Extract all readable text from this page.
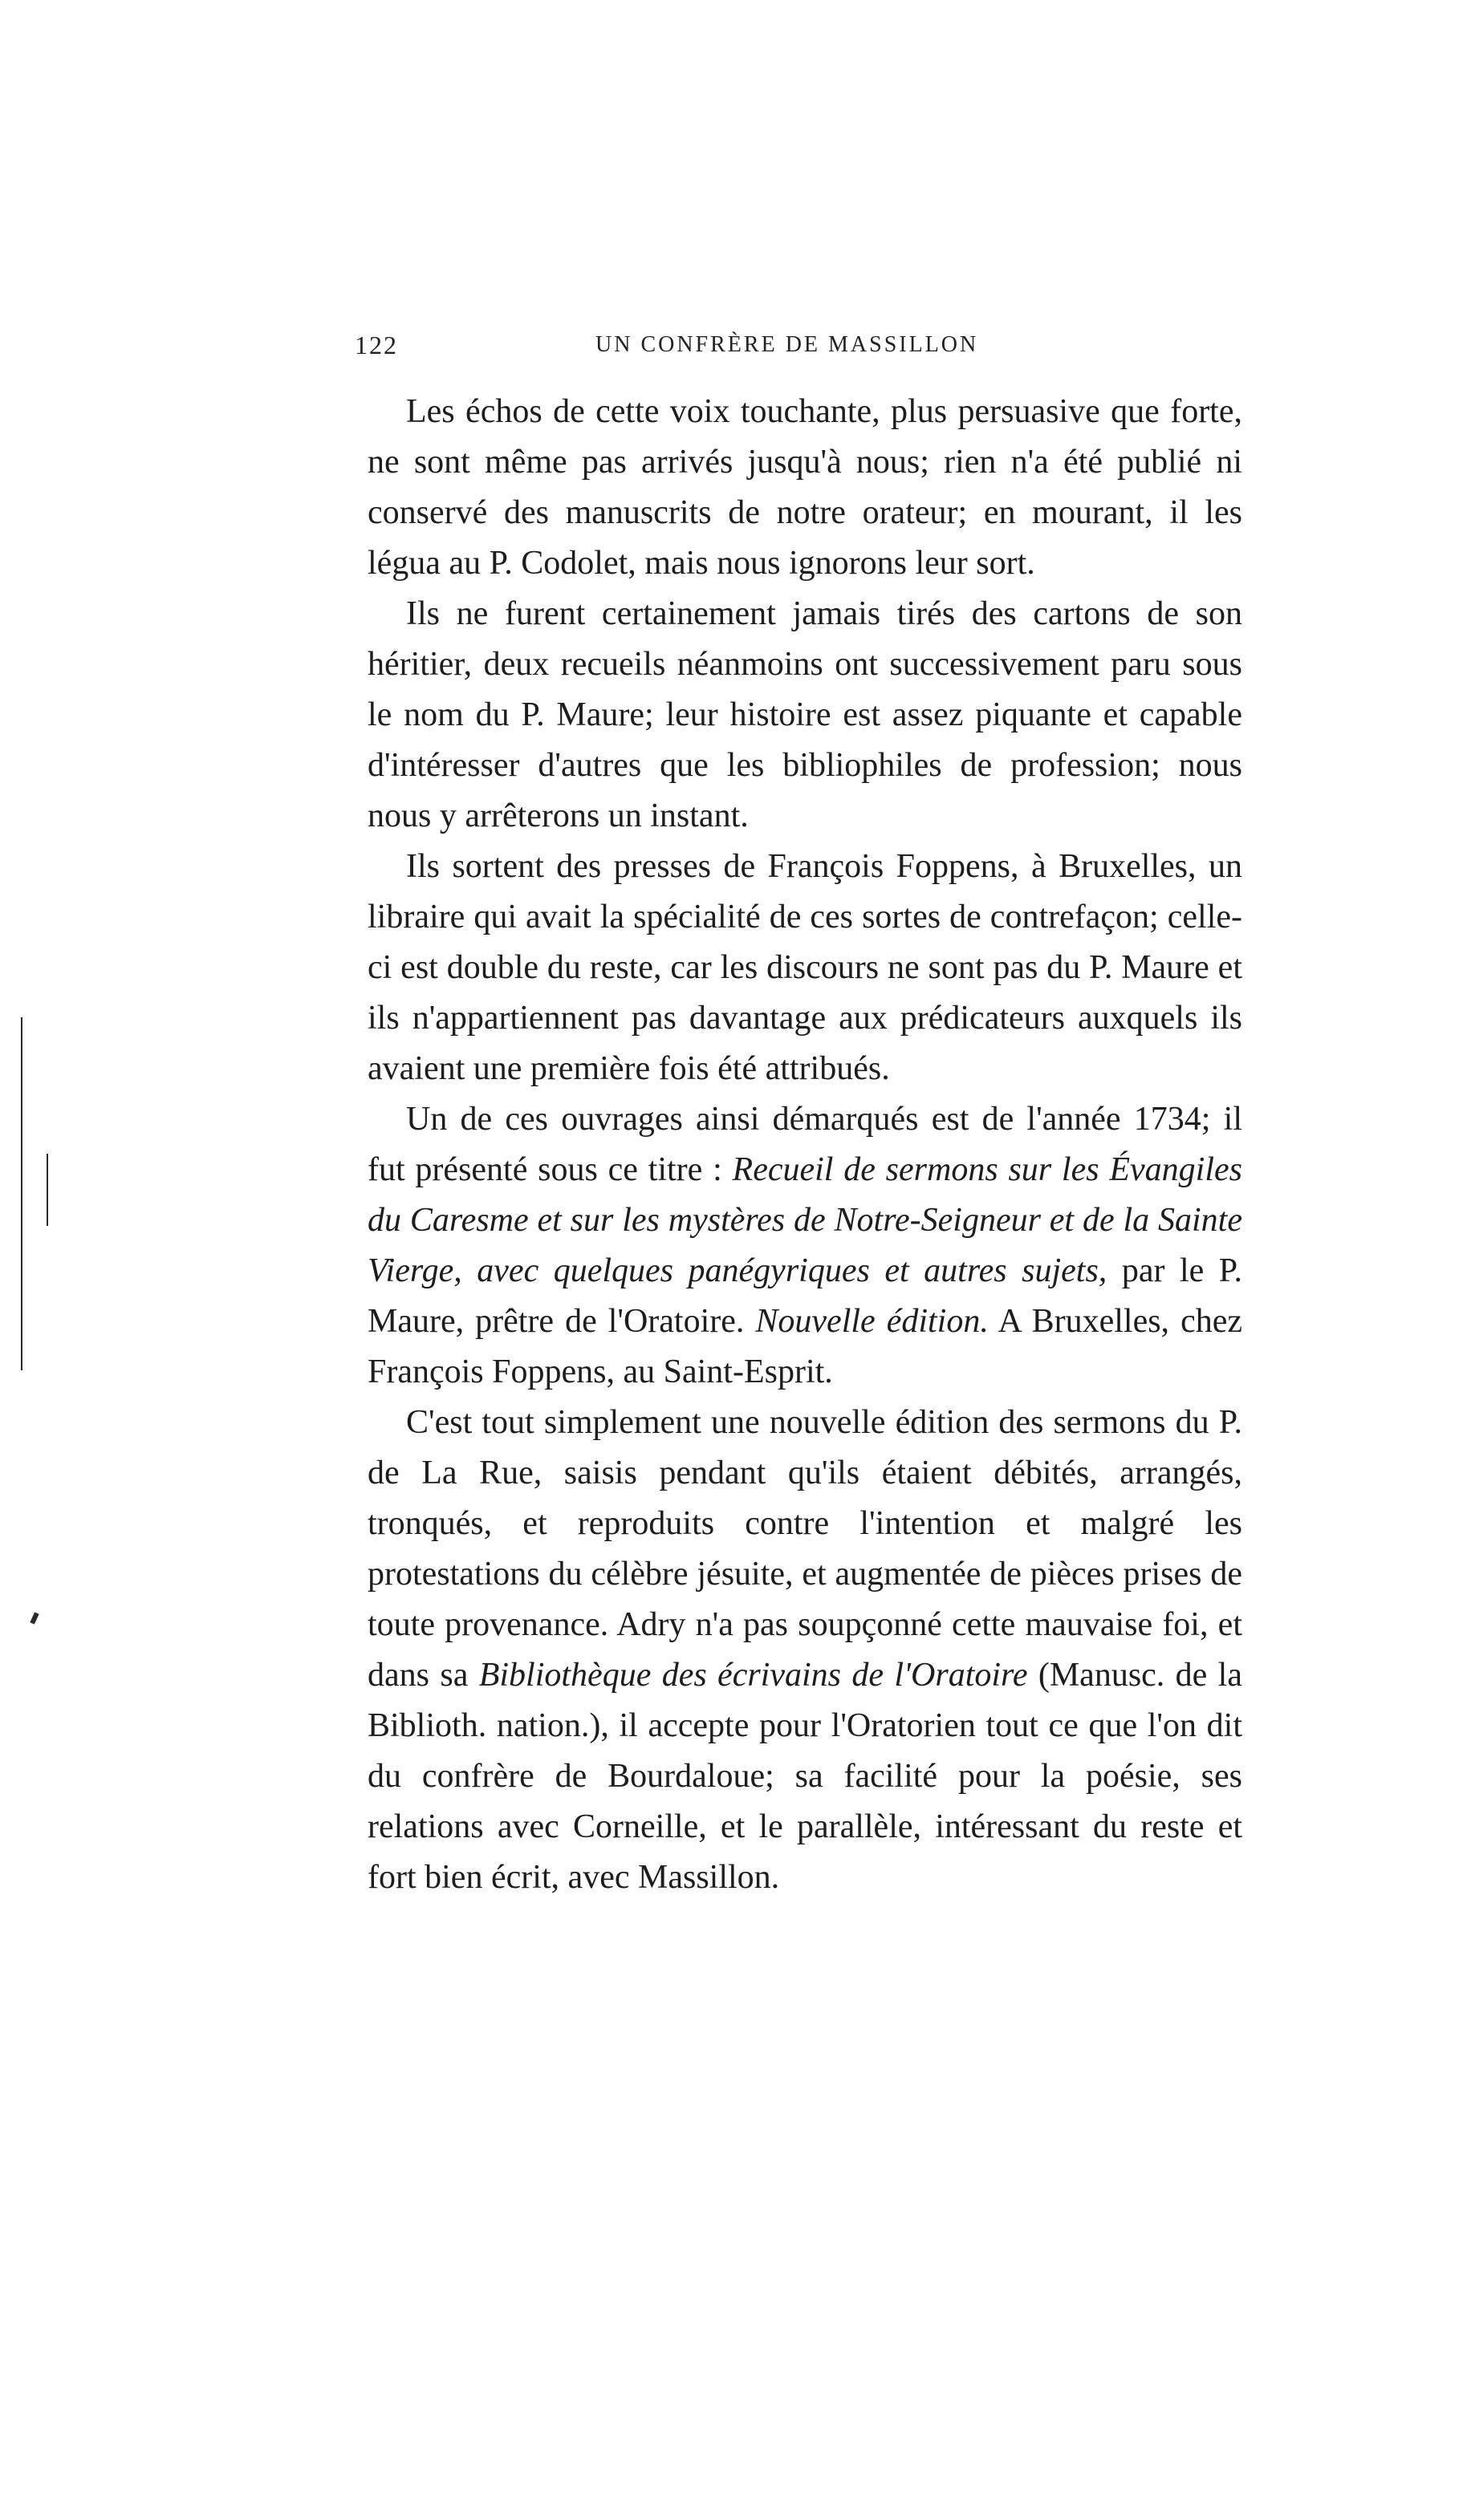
122	UN CONFRÈRE DE MASSILLON

Les échos de cette voix touchante, plus persuasive que forte, ne sont même pas arrivés jusqu'à nous; rien n'a été publié ni conservé des manuscrits de notre orateur; en mourant, il les légua au P. Codolet, mais nous ignorons leur sort.

Ils ne furent certainement jamais tirés des cartons de son héritier, deux recueils néanmoins ont successivement paru sous le nom du P. Maure; leur histoire est assez piquante et capable d'intéresser d'autres que les bibliophiles de profession; nous nous y arrêterons un instant.

Ils sortent des presses de François Foppens, à Bruxelles, un libraire qui avait la spécialité de ces sortes de contrefaçon; celle-ci est double du reste, car les discours ne sont pas du P. Maure et ils n'appartiennent pas davantage aux prédicateurs auxquels ils avaient une première fois été attribués.

Un de ces ouvrages ainsi démarqués est de l'année 1734; il fut présenté sous ce titre : Recueil de sermons sur les Évangiles du Caresme et sur les mystères de Notre-Seigneur et de la Sainte Vierge, avec quelques panégyriques et autres sujets, par le P. Maure, prêtre de l'Oratoire. Nouvelle édition. A Bruxelles, chez François Foppens, au Saint-Esprit.

C'est tout simplement une nouvelle édition des sermons du P. de La Rue, saisis pendant qu'ils étaient débités, arrangés, tronqués, et reproduits contre l'intention et malgré les protestations du célèbre jésuite, et augmentée de pièces prises de toute provenance. Adry n'a pas soupçonné cette mauvaise foi, et dans sa Bibliothèque des écrivains de l'Oratoire (Manusc. de la Biblioth. nation.), il accepte pour l'Oratorien tout ce que l'on dit du confrère de Bourdaloue; sa facilité pour la poésie, ses relations avec Corneille, et le parallèle, intéressant du reste et fort bien écrit, avec Massillon.
